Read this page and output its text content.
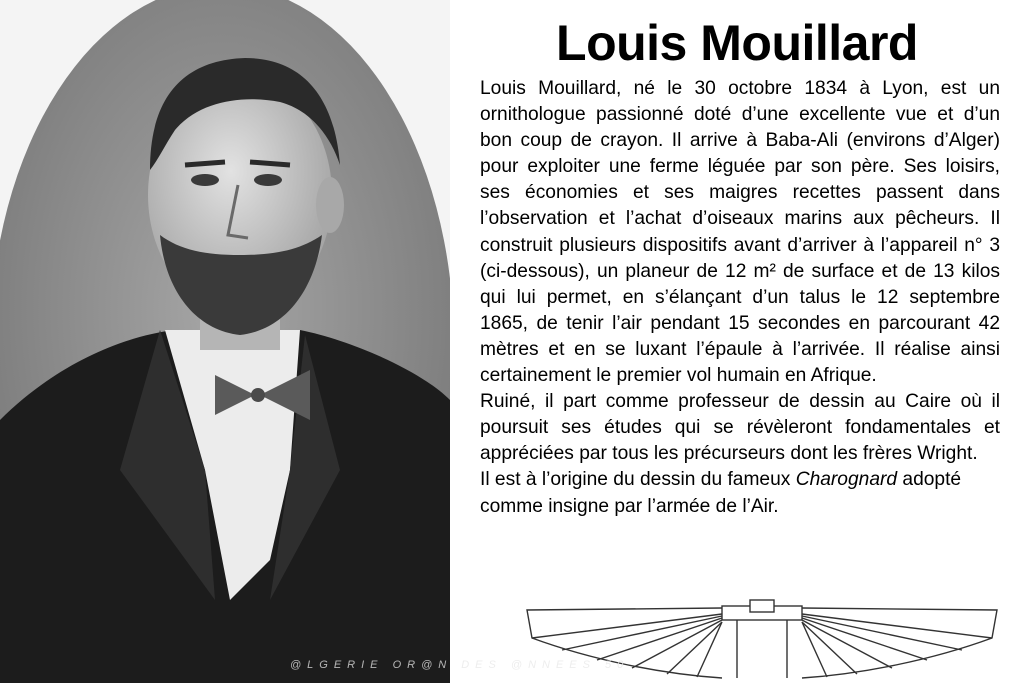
Louis Mouillard

Louis Mouillard, né le 30 octobre 1834 à Lyon, est un ornithologue passionné doté d’une excellente vue et d’un bon coup de crayon. Il arrive à Baba-Ali (environs d’Alger) pour exploiter une ferme léguée par son père. Ses loisirs, ses économies et ses maigres recettes passent dans l’observation et l’achat d’oiseaux marins aux pêcheurs. Il construit plusieurs dispositifs avant d’arriver à l’appareil n° 3 (ci-dessous), un planeur de 12 m² de surface et de 13 kilos qui lui permet, en s’élançant d’un talus le 12 septembre 1865, de tenir l’air pendant 15 secondes en parcourant 42 mètres et en se luxant l’épaule à l’arrivée. Il réalise ainsi certainement le premier vol humain en Afrique.

Ruiné, il part comme professeur de dessin au Caire où il poursuit ses études qui se révèleront fondamentales et appréciées par tous les précurseurs dont les frères Wright.

Il est à l’origine du dessin du fameux Charognard adopté comme insigne par l’armée de l’Air.

@LGERIE OR@N DES @NNEES 50
